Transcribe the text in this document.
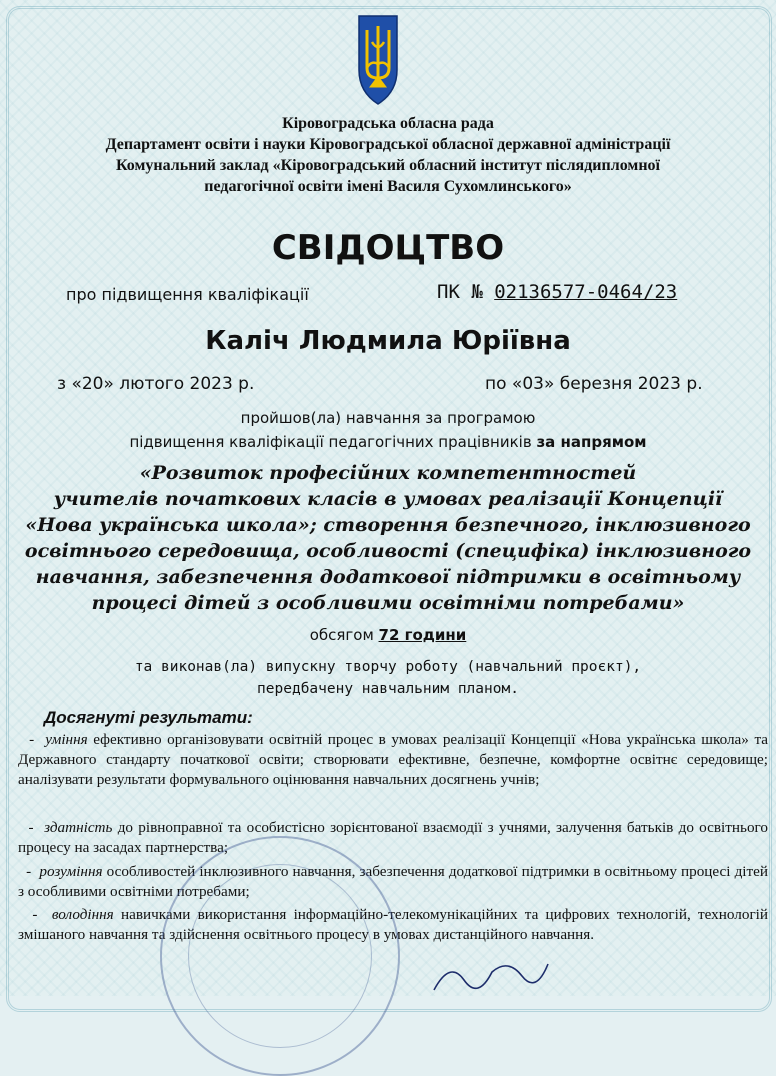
Кіровоградська обласна рада

Департамент освіти і науки Кіровоградської обласної державної адміністрації

Комунальний заклад «Кіровоградський обласний інститут післядипломної

педагогічної освіти імені Василя Сухомлинського»

СВІДОЦТВО

про підвищення кваліфікації	ПК № 02136577-0464/23

Каліч Людмила Юріївна

з «20» лютого 2023 р.	по «03» березня 2023 р.

пройшов(ла) навчання за програмою

підвищення кваліфікації педагогічних працівників за напрямом

«Розвиток професійних компетентностей

учителів початкових класів в умовах реалізації Концепції

«Нова українська школа»; створення безпечного, інклюзивного

освітнього середовища, особливості (специфіка) інклюзивного

навчання, забезпечення додаткової підтримки в освітньому

процесі дітей з особливими освітніми потребами»

обсягом 72 години

та виконав(ла) випускну творчу роботу (навчальний проєкт),

передбачену навчальним планом.

Досягнуті результати:

- уміння ефективно організовувати освітній процес в умовах реалізації Концепції «Нова українська школа» та Державного стандарту початкової освіти; створювати ефективне, безпечне, комфортне освітнє середовище; аналізувати результати формувального оцінювання навчальних досягнень учнів;

- здатність до рівноправної та особистісно зорієнтованої взаємодії з учнями, залучення батьків до освітнього процесу на засадах партнерства;

- розуміння особливостей інклюзивного навчання, забезпечення додаткової підтримки в освітньому процесі дітей з особливими освітніми потребами;

- володіння навичками використання інформаційно-телекомунікаційних та цифрових технологій, технологій змішаного навчання та здійснення освітнього процесу в умовах дистанційного навчання.
